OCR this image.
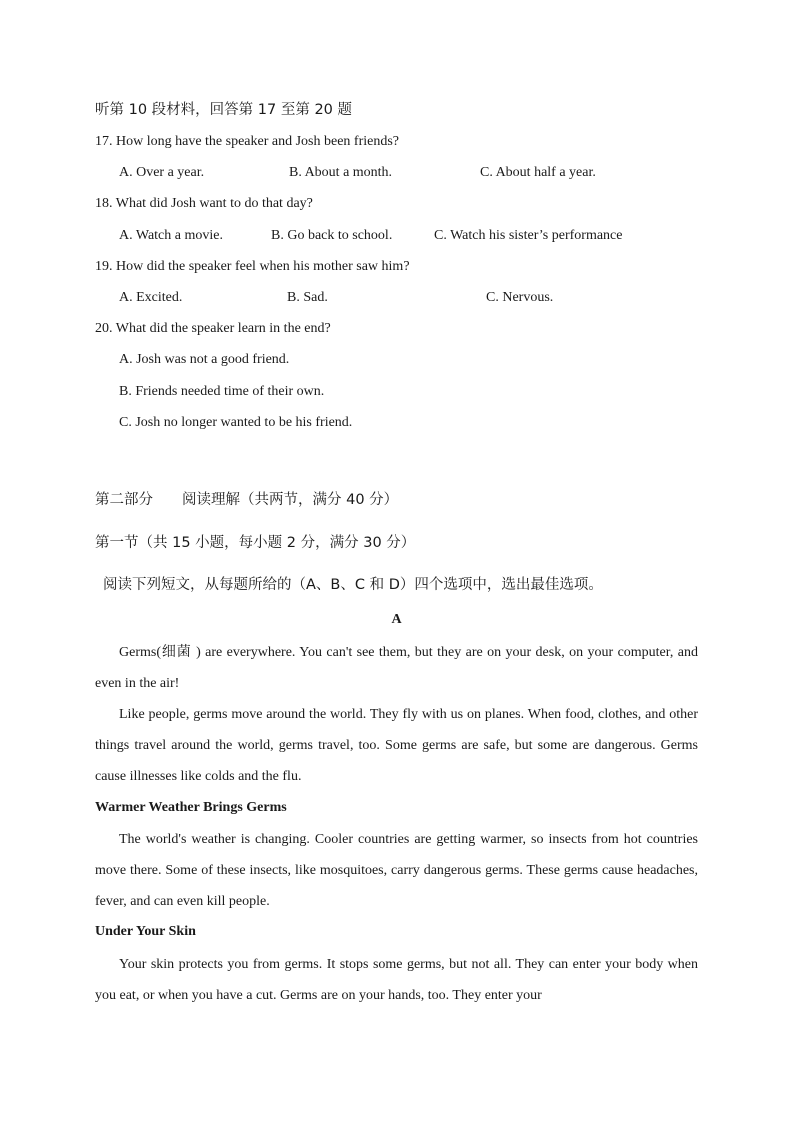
听第 10 段材料，回答第 17 至第 20 题
17. How long have the speaker and Josh been friends?
A. Over a year.	B. About a month.	C. About half a year.
18. What did Josh want to do that day?
A. Watch a movie.	B. Go back to school.	C. Watch his sister’s performance
19. How did the speaker feel when his mother saw him?
A. Excited.	B. Sad.	C. Nervous.
20. What did the speaker learn in the end?
A. Josh was not a good friend.
B. Friends needed time of their own.
C. Josh no longer wanted to be his friend.
第二部分　　阅读理解（共两节，满分 40 分）
第一节（共 15 小题，每小题 2 分，满分 30 分）
阅读下列短文，从每题所给的（A、B、C 和 D）四个选项中，选出最佳选项。
A

Germs(细菌 ) are everywhere. You can't see them, but they are on your desk, on your computer, and even in the air!

Like people, germs move around the world. They fly with us on planes. When food, clothes, and other things travel around the world, germs travel, too. Some germs are safe, but some are dangerous. Germs cause illnesses like colds and the flu.

Warmer Weather Brings Germs

The world's weather is changing. Cooler countries are getting warmer, so insects from hot countries move there. Some of these insects, like mosquitoes, carry dangerous germs. These germs cause headaches, fever, and can even kill people.

Under Your Skin

Your skin protects you from germs. It stops some germs, but not all. They can enter your body when you eat, or when you have a cut. Germs are on your hands, too. They enter your
